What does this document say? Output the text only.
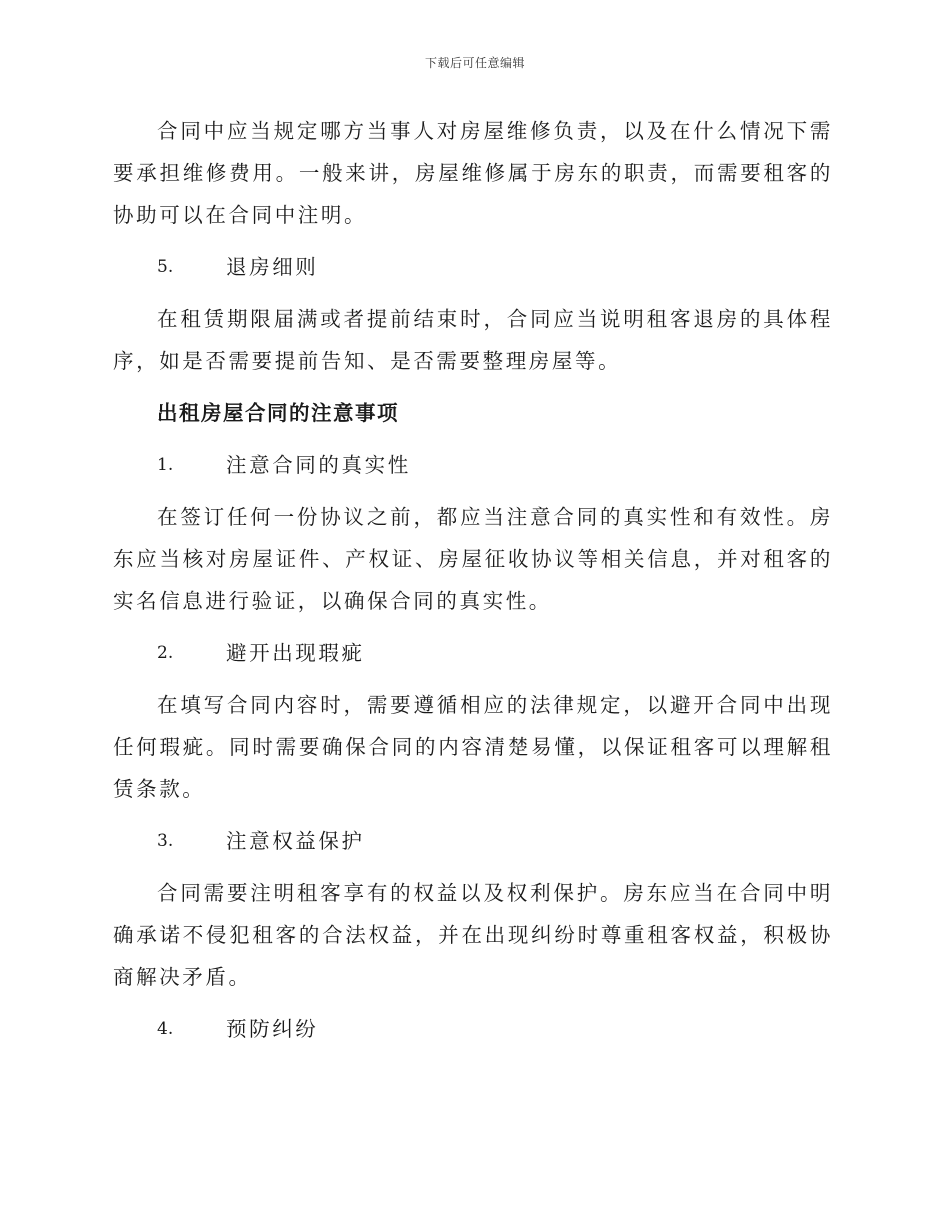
下载后可任意编辑

合同中应当规定哪方当事人对房屋维修负责，以及在什么情况下需要承担维修费用。一般来讲，房屋维修属于房东的职责，而需要租客的协助可以在合同中注明。

5.	退房细则

在租赁期限届满或者提前结束时，合同应当说明租客退房的具体程序，如是否需要提前告知、是否需要整理房屋等。

出租房屋合同的注意事项
1.	注意合同的真实性

在签订任何一份协议之前，都应当注意合同的真实性和有效性。房东应当核对房屋证件、产权证、房屋征收协议等相关信息，并对租客的实名信息进行验证，以确保合同的真实性。

2.	避开出现瑕疵

在填写合同内容时，需要遵循相应的法律规定，以避开合同中出现任何瑕疵。同时需要确保合同的内容清楚易懂，以保证租客可以理解租赁条款。

3.	注意权益保护

合同需要注明租客享有的权益以及权利保护。房东应当在合同中明确承诺不侵犯租客的合法权益，并在出现纠纷时尊重租客权益，积极协商解决矛盾。

4.	预防纠纷
